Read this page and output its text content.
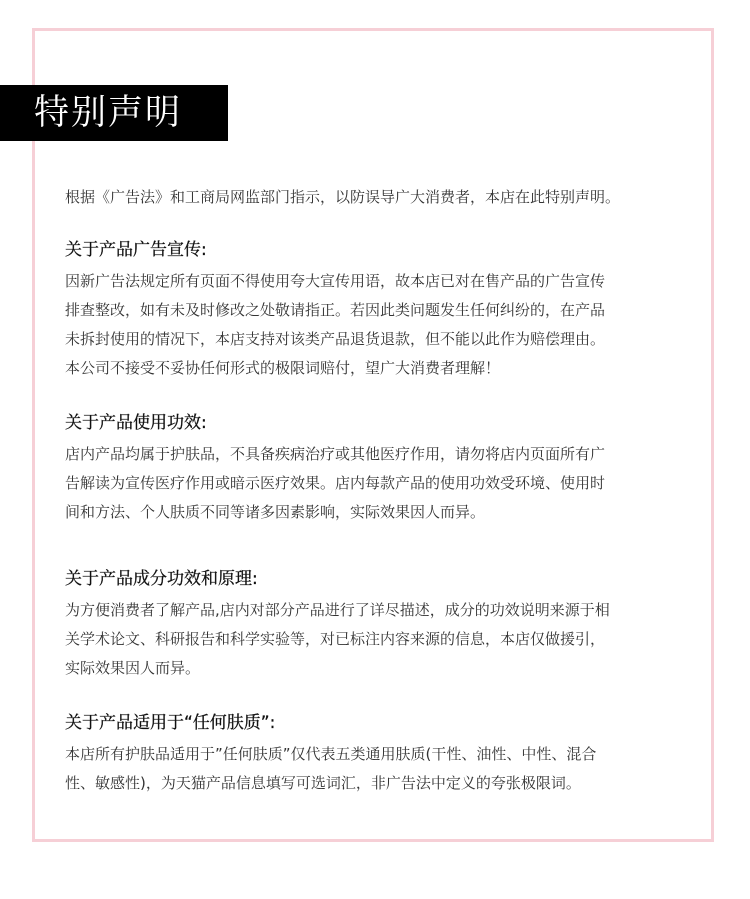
特别声明
根据《广告法》和工商局网监部门指示，以防误导广大消费者，本店在此特别声明。
关于产品广告宣传:
因新广告法规定所有页面不得使用夸大宣传用语，故本店已对在售产品的广告宣传
排查整改，如有未及时修改之处敬请指正。若因此类问题发生任何纠纷的，在产品
未拆封使用的情况下，本店支持对该类产品退货退款，但不能以此作为赔偿理由。
本公司不接受不妥协任何形式的极限词赔付，望广大消费者理解！
关于产品使用功效:
店内产品均属于护肤品，不具备疾病治疗或其他医疗作用，请勿将店内页面所有广
告解读为宣传医疗作用或暗示医疗效果。店内每款产品的使用功效受环境、使用时
间和方法、个人肤质不同等诸多因素影响，实际效果因人而异。
关于产品成分功效和原理:
为方便消费者了解产品,店内对部分产品进行了详尽描述，成分的功效说明来源于相
关学术论文、科研报告和科学实验等，对已标注内容来源的信息，本店仅做援引，
实际效果因人而异。
关于产品适用于“任何肤质”:
本店所有护肤品适用于”任何肤质”仅代表五类通用肤质(干性、油性、中性、混合
性、敏感性)，为天猫产品信息填写可选词汇，非广告法中定义的夸张极限词。
